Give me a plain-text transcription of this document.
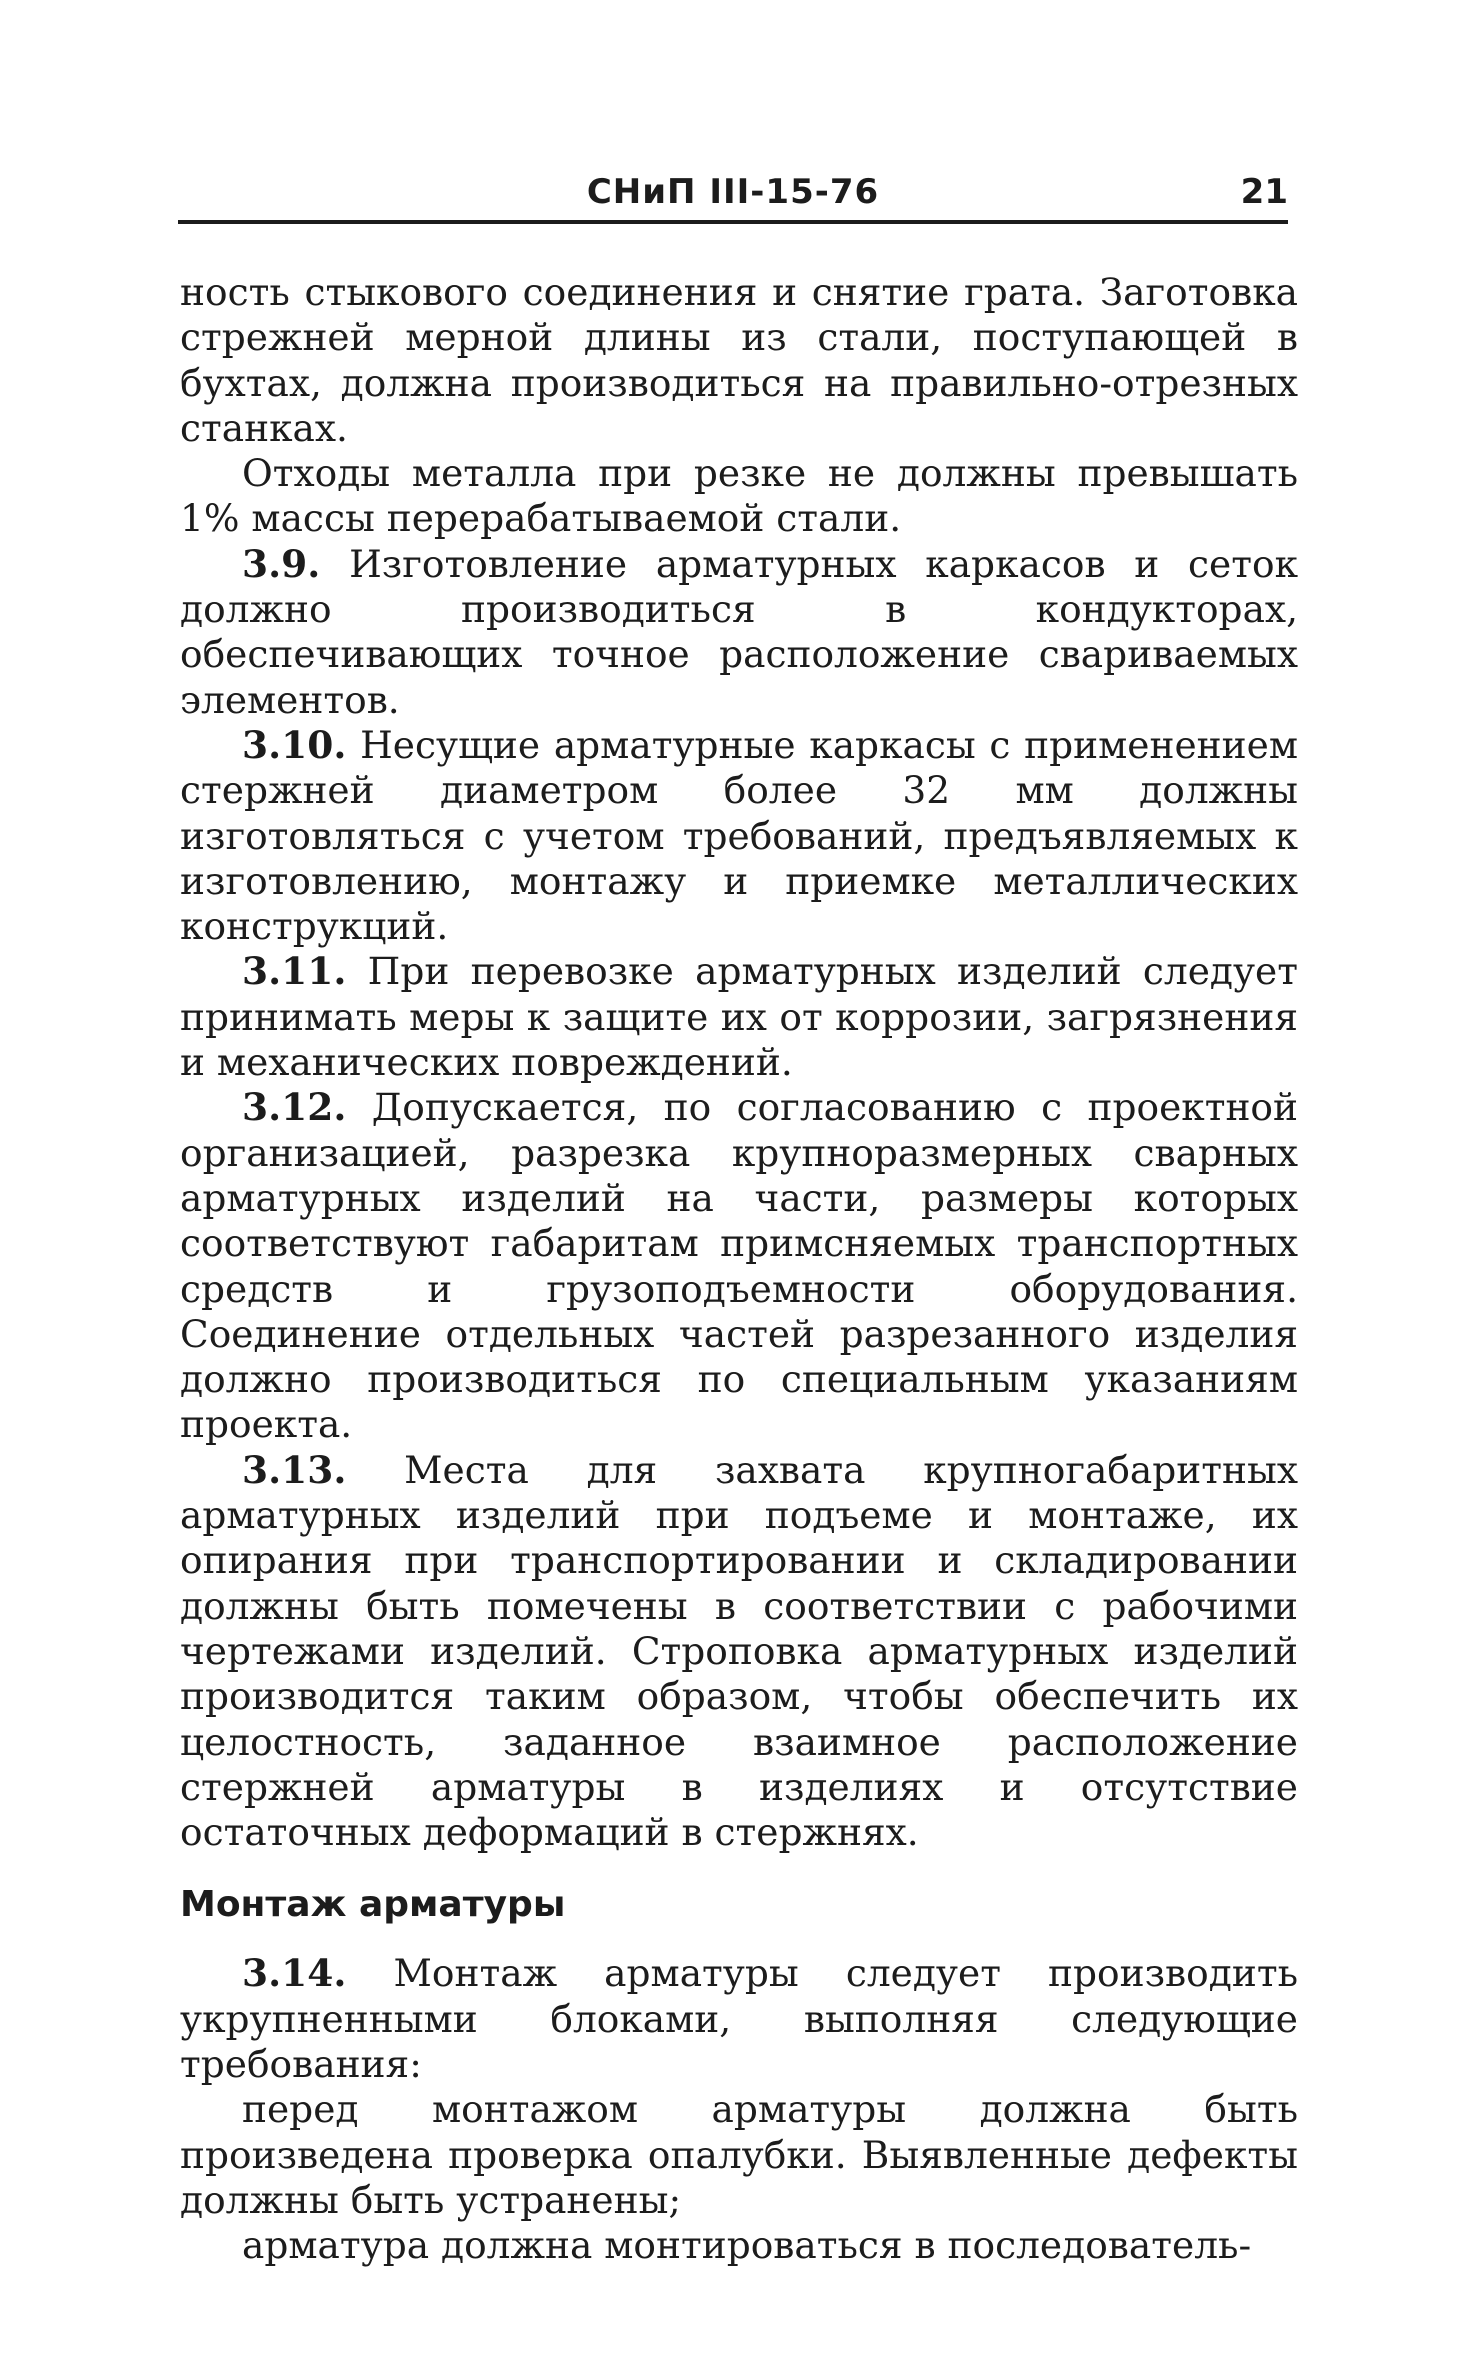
СНиП III-15-76	21

ность стыкового соединения и снятие грата. Заготовка стрежней мерной длины из стали, поступающей в бухтах, должна производиться на правильно-отрезных станках.

Отходы металла при резке не должны превышать 1% массы перерабатываемой стали.

3.9. Изготовление арматурных каркасов и сеток должно производиться в кондукторах, обеспечивающих точное расположение свариваемых элементов.

3.10. Несущие арматурные каркасы с применением стержней диаметром более 32 мм должны изготовляться с учетом требований, предъявляемых к изготовлению, монтажу и приемке металлических конструкций.

3.11. При перевозке арматурных изделий следует принимать меры к защите их от коррозии, загрязнения и механических повреждений.

3.12. Допускается, по согласованию с проектной организацией, разрезка крупноразмерных сварных арматурных изделий на части, размеры которых соответствуют габаритам примсняемых транспортных средств и грузоподъемности оборудования. Соединение отдельных частей разрезанного изделия должно производиться по специальным указаниям проекта.

3.13. Места для захвата крупногабаритных арматурных изделий при подъеме и монтаже, их опирания при транспортировании и складировании должны быть помечены в соответствии с рабочими чертежами изделий. Строповка арматурных изделий производится таким образом, чтобы обеспечить их целостность, заданное взаимное расположение стержней арматуры в изделиях и отсутствие остаточных деформаций в стержнях.

Монтаж арматуры

3.14. Монтаж арматуры следует производить укрупненными блоками, выполняя следующие требования:

перед монтажом арматуры должна быть произведена проверка опалубки. Выявленные дефекты должны быть устранены;

арматура должна монтироваться в последователь-
